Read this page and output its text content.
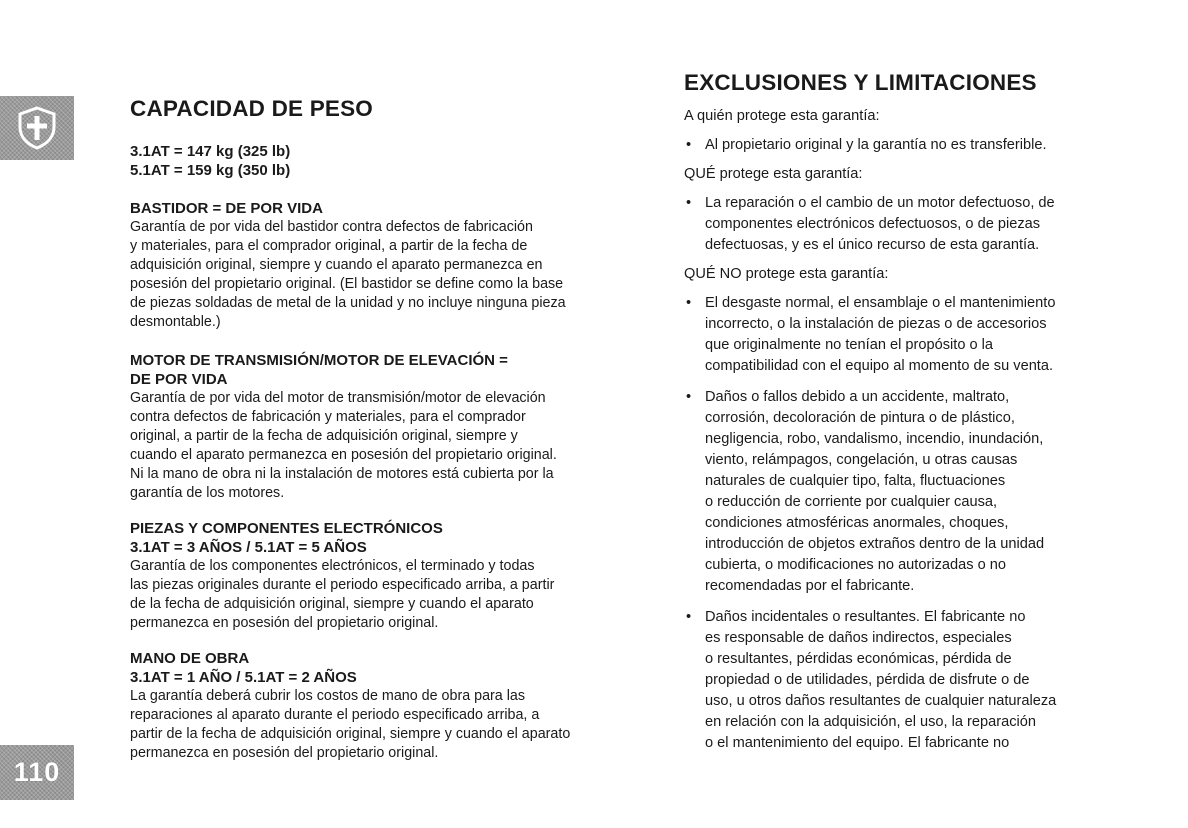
110
CAPACIDAD DE PESO

3.1AT = 147 kg (325 lb)

5.1AT = 159 kg (350 lb)

BASTIDOR = DE POR VIDA

Garantía de por vida del bastidor contra defectos de fabricación
y materiales, para el comprador original, a partir de la fecha de
adquisición original, siempre y cuando el aparato permanezca en
posesión del propietario original. (El bastidor se define como la base
de piezas soldadas de metal de la unidad y no incluye ninguna pieza
desmontable.)

MOTOR DE TRANSMISIÓN/MOTOR DE ELEVACIÓN =

DE POR VIDA

Garantía de por vida del motor de transmisión/motor de elevación
contra defectos de fabricación y materiales, para el comprador
original, a partir de la fecha de adquisición original, siempre y
cuando el aparato permanezca en posesión del propietario original.
Ni la mano de obra ni la instalación de motores está cubierta por la
garantía de los motores.

PIEZAS Y COMPONENTES ELECTRÓNICOS

3.1AT = 3 AÑOS / 5.1AT = 5 AÑOS

Garantía de los componentes electrónicos, el terminado y todas
las piezas originales durante el periodo especificado arriba, a partir
de la fecha de adquisición original, siempre y cuando el aparato
permanezca en posesión del propietario original.

MANO DE OBRA

3.1AT = 1 AÑO / 5.1AT = 2 AÑOS

La garantía deberá cubrir los costos de mano de obra para las
reparaciones al aparato durante el periodo especificado arriba, a
partir de la fecha de adquisición original, siempre y cuando el aparato
permanezca en posesión del propietario original.
EXCLUSIONES Y LIMITACIONES

A quién protege esta garantía:

• Al propietario original y la garantía no es transferible.

QUÉ protege esta garantía:

• La reparación o el cambio de un motor defectuoso, de
componentes electrónicos defectuosos, o de piezas
defectuosas, y es el único recurso de esta garantía.

QUÉ NO protege esta garantía:

• El desgaste normal, el ensamblaje o el mantenimiento
incorrecto, o la instalación de piezas o de accesorios
que originalmente no tenían el propósito o la
compatibilidad con el equipo al momento de su venta.
• Daños o fallos debido a un accidente, maltrato,
corrosión, decoloración de pintura o de plástico,
negligencia, robo, vandalismo, incendio, inundación,
viento, relámpagos, congelación, u otras causas
naturales de cualquier tipo, falta, fluctuaciones
o reducción de corriente por cualquier causa,
condiciones atmosféricas anormales, choques,
introducción de objetos extraños dentro de la unidad
cubierta, o modificaciones no autorizadas o no
recomendadas por el fabricante.
• Daños incidentales o resultantes. El fabricante no
es responsable de daños indirectos, especiales
o resultantes, pérdidas económicas, pérdida de
propiedad o de utilidades, pérdida de disfrute o de
uso, u otros daños resultantes de cualquier naturaleza
en relación con la adquisición, el uso, la reparación
o el mantenimiento del equipo. El fabricante no
